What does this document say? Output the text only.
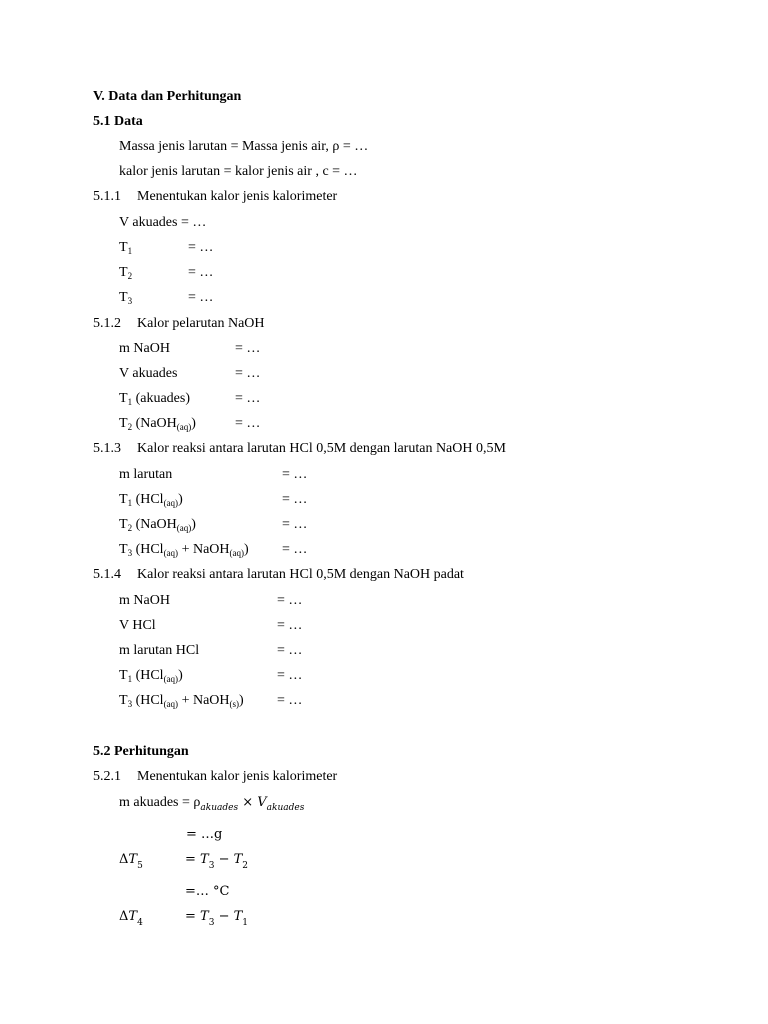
V. Data dan Perhitungan
5.1 Data
Massa jenis larutan = Massa jenis air, ρ = …
kalor jenis larutan = kalor jenis air , c = …
5.1.1 Menentukan kalor jenis kalorimeter
V akuades = …
$T_1$	= …
$T_2$	= …
$T_3$	= …
5.1.2 Kalor pelarutan NaOH
m NaOH	= …
V akuades	= …
$T_1$ (akuades)	= …
$T_2$ (NaOH$_{(aq)}$)	= …
5.1.3 Kalor reaksi antara larutan HCl 0,5M dengan larutan NaOH 0,5M
m larutan	= …
$T_1$ (HCl$_{(aq)}$)	= …
$T_2$ (NaOH$_{(aq)}$)	= …
$T_3$ (HCl$_{(aq)}$ + NaOH$_{(aq)}$) = …
5.1.4 Kalor reaksi antara larutan HCl 0,5M dengan NaOH padat
m NaOH	= …
V HCl	= …
m larutan HCl	= …
$T_1$ (HCl$_{(aq)}$)	= …
$T_3$ (HCl$_{(aq)}$ + NaOH$_{(s)}$) = …
5.2 Perhitungan
5.2.1 Menentukan kalor jenis kalorimeter
m akuades = $\rho_{akuades} \times V_{akuades}$
= …g
$\Delta T_5$	= $T_3 - T_2$
=… °C
$\Delta T_4$	= $T_3 - T_1$
